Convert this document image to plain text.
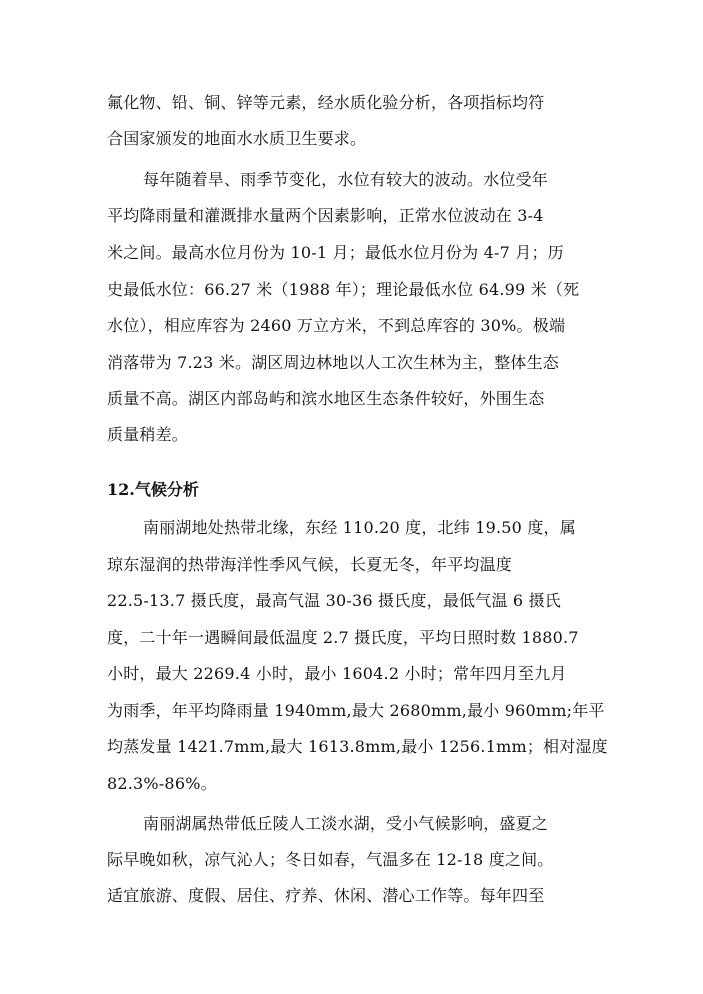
氟化物、铅、铜、锌等元素，经水质化验分析，各项指标均符
合国家颁发的地面水水质卫生要求。
每年随着旱、雨季节变化，水位有较大的波动。水位受年
平均降雨量和灌溉排水量两个因素影响，正常水位波动在 3-4
米之间。最高水位月份为 10-1 月；最低水位月份为 4-7 月；历
史最低水位：66.27 米（1988 年）；理论最低水位 64.99 米（死
水位），相应库容为 2460 万立方米，不到总库容的 30%。极端
消落带为 7.23 米。湖区周边林地以人工次生林为主，整体生态
质量不高。湖区内部岛屿和滨水地区生态条件较好，外围生态
质量稍差。
12.气候分析
南丽湖地处热带北缘，东经 110.20 度，北纬 19.50 度，属
琼东湿润的热带海洋性季风气候，长夏无冬，年平均温度
22.5-13.7 摄氏度，最高气温 30-36 摄氏度，最低气温 6 摄氏
度，二十年一遇瞬间最低温度 2.7 摄氏度，平均日照时数 1880.7
小时，最大 2269.4 小时，最小 1604.2 小时；常年四月至九月
为雨季，年平均降雨量 1940mm,最大 2680mm,最小 960mm;年平
均蒸发量 1421.7mm,最大 1613.8mm,最小 1256.1mm；相对湿度
82.3%-86%。
南丽湖属热带低丘陵人工淡水湖，受小气候影响，盛夏之
际早晚如秋，凉气沁人；冬日如春，气温多在 12-18 度之间。
适宜旅游、度假、居住、疗养、休闲、潜心工作等。每年四至
